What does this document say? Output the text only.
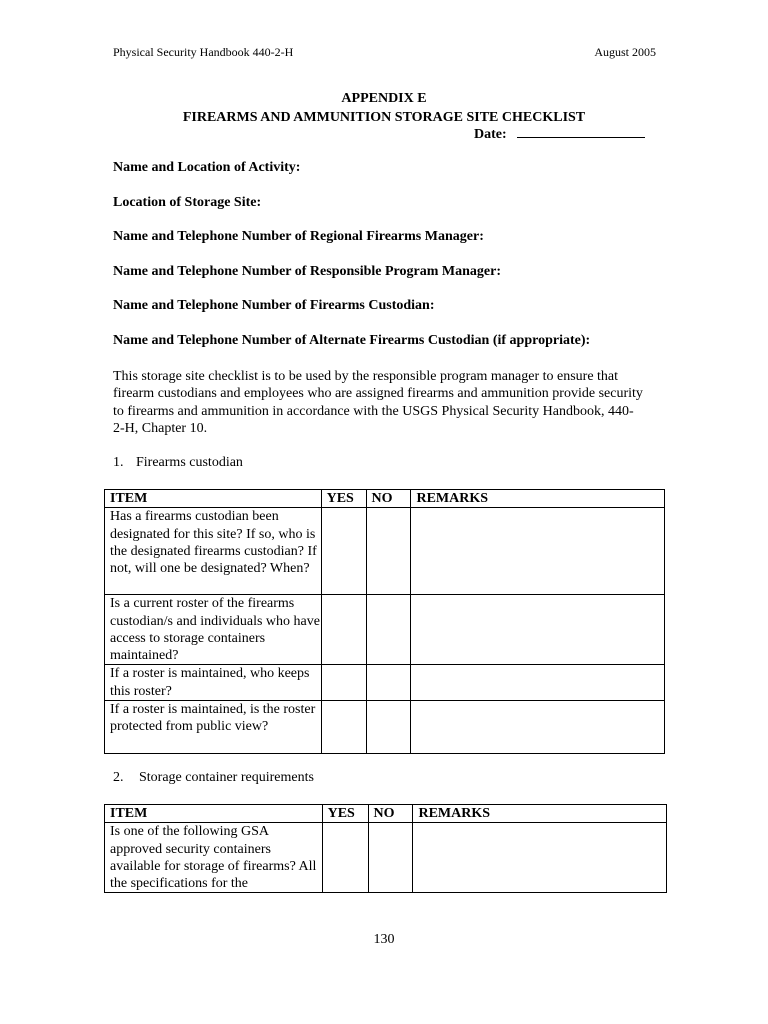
Physical Security Handbook 440-2-H	August 2005
APPENDIX E
FIREARMS AND AMMUNITION STORAGE SITE CHECKLIST
Date:
Name and Location of Activity:
Location of Storage Site:
Name and Telephone Number of Regional Firearms Manager:
Name and Telephone Number of Responsible Program Manager:
Name and Telephone Number of Firearms Custodian:
Name and Telephone Number of Alternate Firearms Custodian (if appropriate):
This storage site checklist is to be used by the responsible program manager to ensure that firearm custodians and employees who are assigned firearms and ammunition provide security to firearms and ammunition in accordance with the USGS Physical Security Handbook, 440-2-H, Chapter 10.
1. Firearms custodian
ITEM	YES	NO	REMARKS
Has a firearms custodian been designated for this site? If so, who is the designated firearms custodian? If not, will one be designated? When?			
Is a current roster of the firearms custodian/s and individuals who have access to storage containers maintained?			
If a roster is maintained, who keeps this roster?			
If a roster is maintained, is the roster protected from public view?			
2. Storage container requirements
ITEM	YES	NO	REMARKS
Is one of the following GSA approved security containers available for storage of firearms? All the specifications for the			
130
